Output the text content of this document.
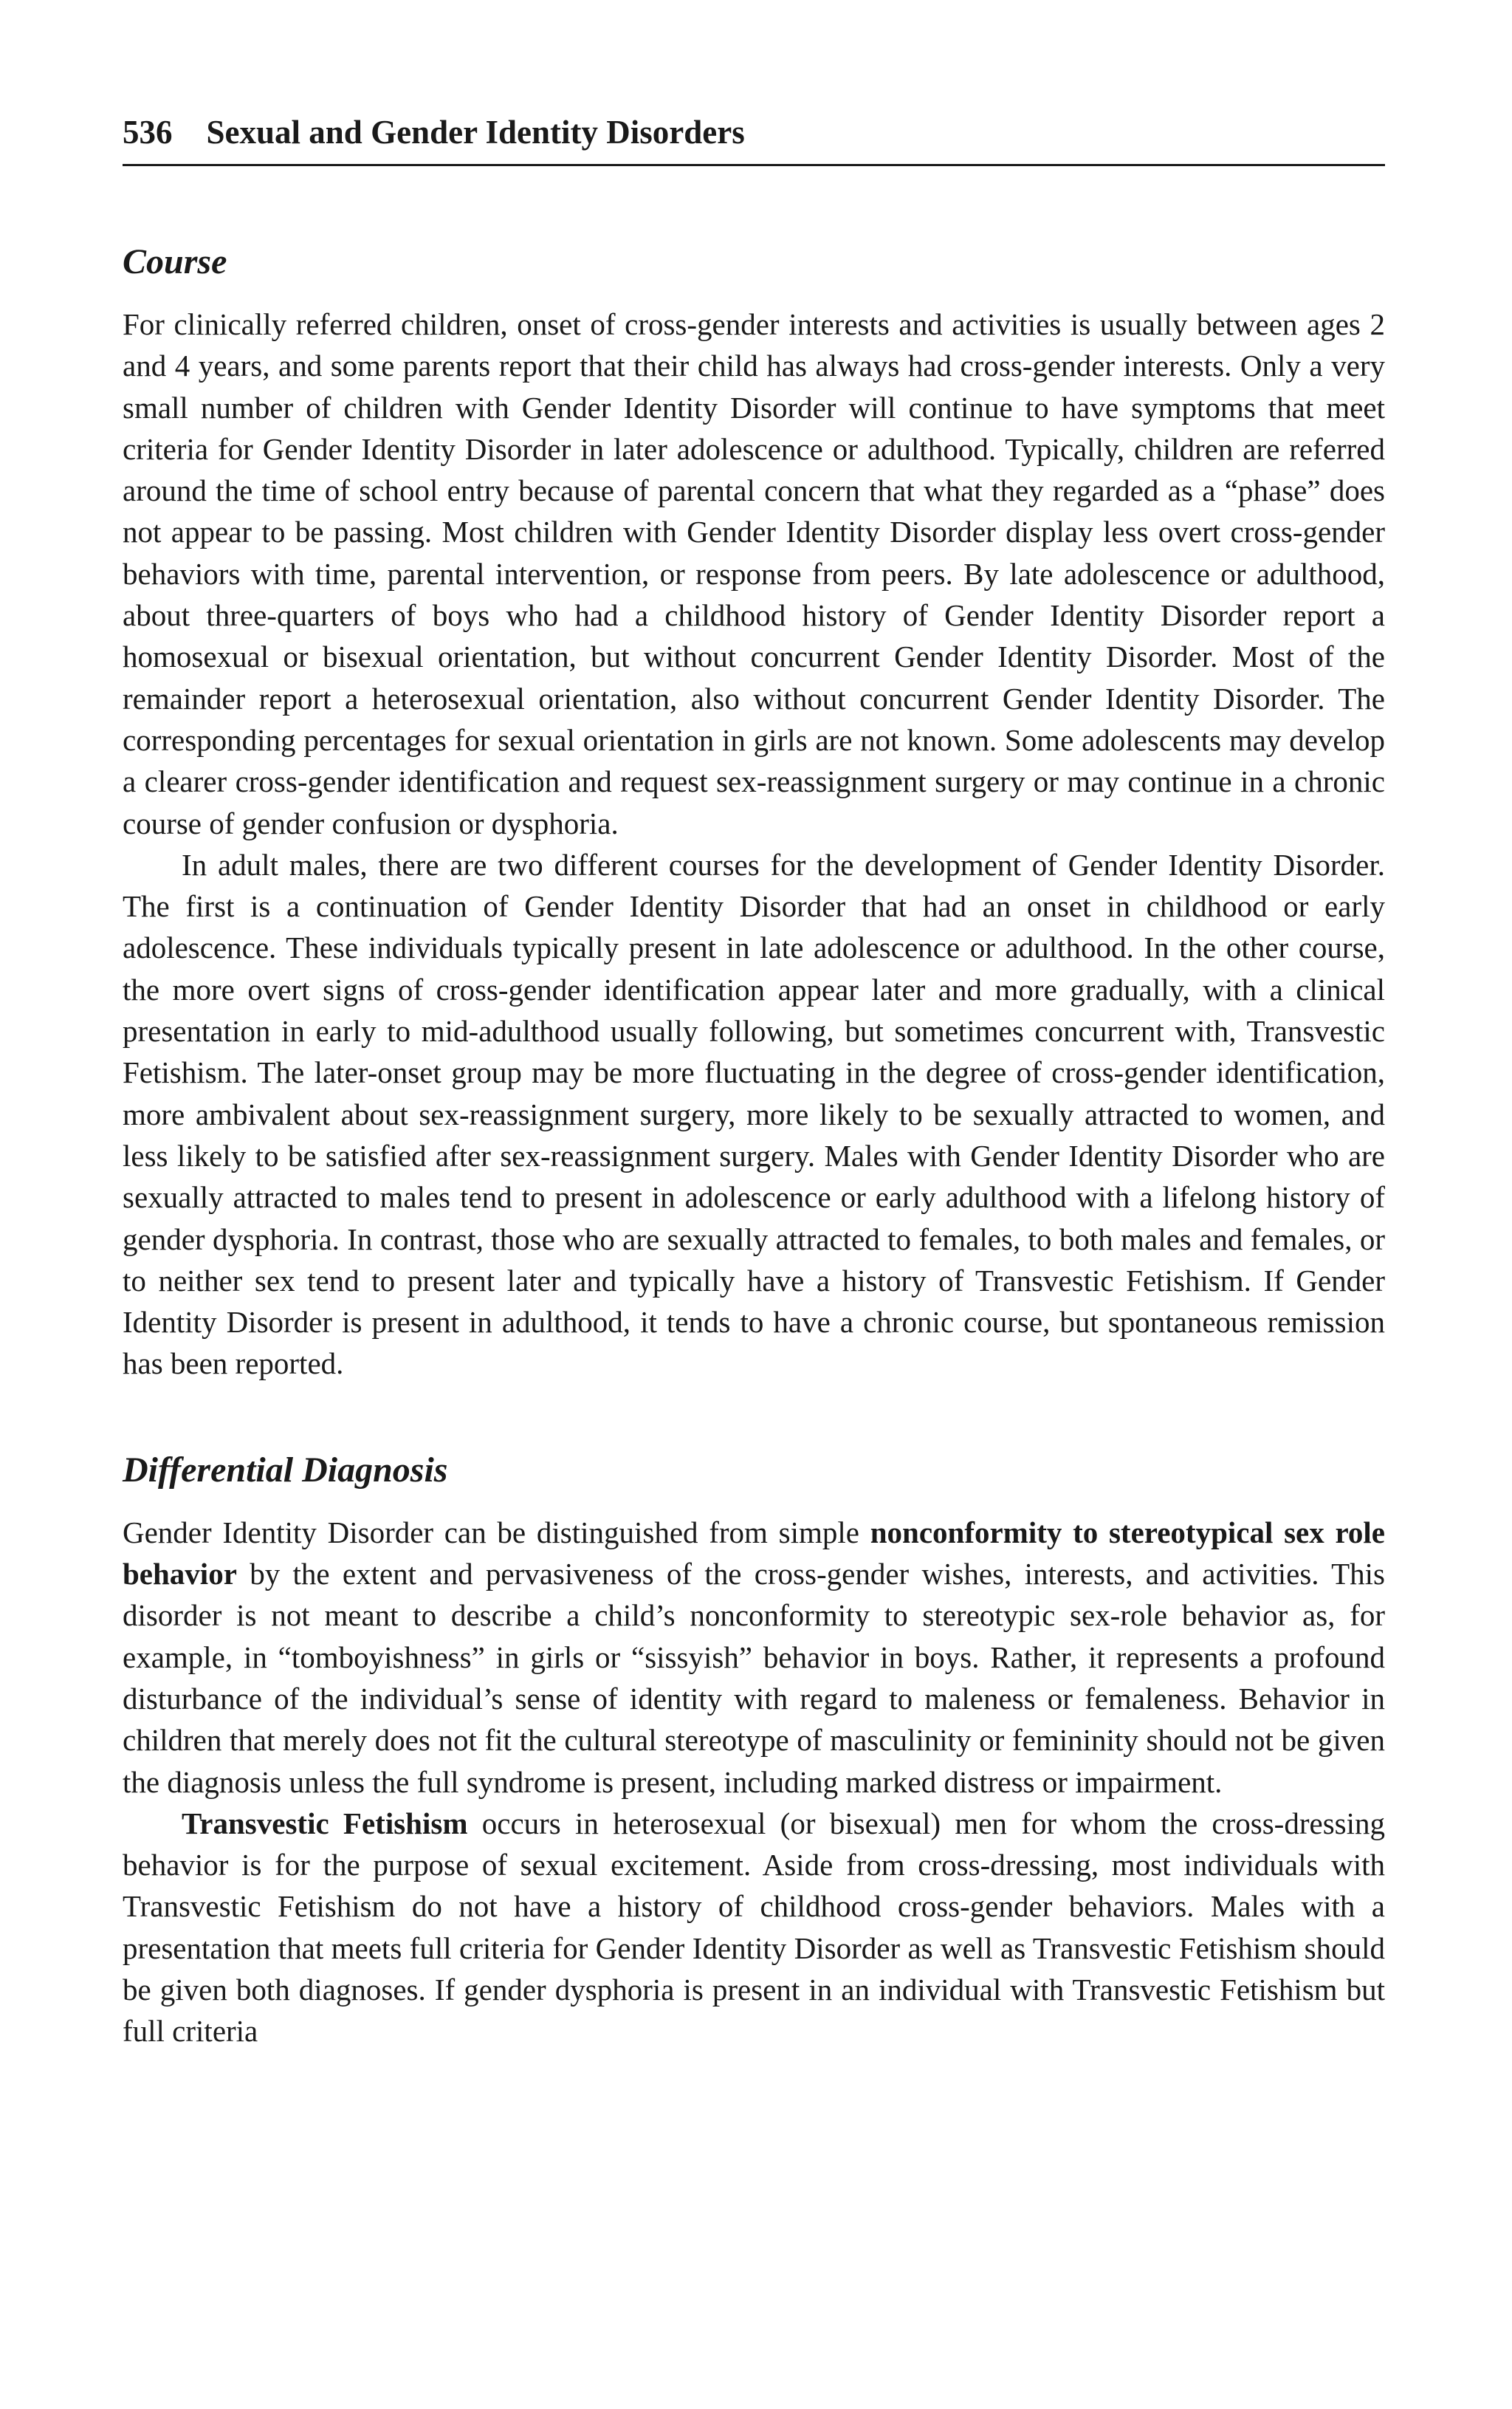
536 Sexual and Gender Identity Disorders
Course

For clinically referred children, onset of cross-gender interests and activities is usually between ages 2 and 4 years, and some parents report that their child has always had cross-gender interests. Only a very small number of children with Gender Identity Disorder will continue to have symptoms that meet criteria for Gender Identity Disorder in later adolescence or adulthood. Typically, children are referred around the time of school entry because of parental concern that what they regarded as a “phase” does not appear to be passing. Most children with Gender Identity Disorder display less overt cross-gender behaviors with time, parental intervention, or response from peers. By late adolescence or adulthood, about three-quarters of boys who had a childhood history of Gender Identity Disorder report a homosexual or bisexual orientation, but without concurrent Gender Identity Disorder. Most of the remainder report a heterosexual orientation, also without concurrent Gender Identity Disorder. The corresponding percentages for sexual orientation in girls are not known. Some adolescents may develop a clearer cross-gender identification and request sex-reassignment surgery or may continue in a chronic course of gender confusion or dysphoria.

In adult males, there are two different courses for the development of Gender Identity Disorder. The first is a continuation of Gender Identity Disorder that had an onset in childhood or early adolescence. These individuals typically present in late adolescence or adulthood. In the other course, the more overt signs of cross-gender identification appear later and more gradually, with a clinical presentation in early to mid-adulthood usually following, but sometimes concurrent with, Transvestic Fetishism. The later-onset group may be more fluctuating in the degree of cross-gender identification, more ambivalent about sex-reassignment surgery, more likely to be sexually attracted to women, and less likely to be satisfied after sex-reassignment surgery. Males with Gender Identity Disorder who are sexually attracted to males tend to present in adolescence or early adulthood with a lifelong history of gender dysphoria. In contrast, those who are sexually attracted to females, to both males and females, or to neither sex tend to present later and typically have a history of Transvestic Fetishism. If Gender Identity Disorder is present in adulthood, it tends to have a chronic course, but spontaneous remission has been reported.

Differential Diagnosis

Gender Identity Disorder can be distinguished from simple nonconformity to stereotypical sex role behavior by the extent and pervasiveness of the cross-gender wishes, interests, and activities. This disorder is not meant to describe a child’s nonconformity to stereotypic sex-role behavior as, for example, in “tomboyishness” in girls or “sissyish” behavior in boys. Rather, it represents a profound disturbance of the individual’s sense of identity with regard to maleness or femaleness. Behavior in children that merely does not fit the cultural stereotype of masculinity or femininity should not be given the diagnosis unless the full syndrome is present, including marked distress or impairment.

Transvestic Fetishism occurs in heterosexual (or bisexual) men for whom the cross-dressing behavior is for the purpose of sexual excitement. Aside from cross-dressing, most individuals with Transvestic Fetishism do not have a history of childhood cross-gender behaviors. Males with a presentation that meets full criteria for Gender Identity Disorder as well as Transvestic Fetishism should be given both diagnoses. If gender dysphoria is present in an individual with Transvestic Fetishism but full criteria
